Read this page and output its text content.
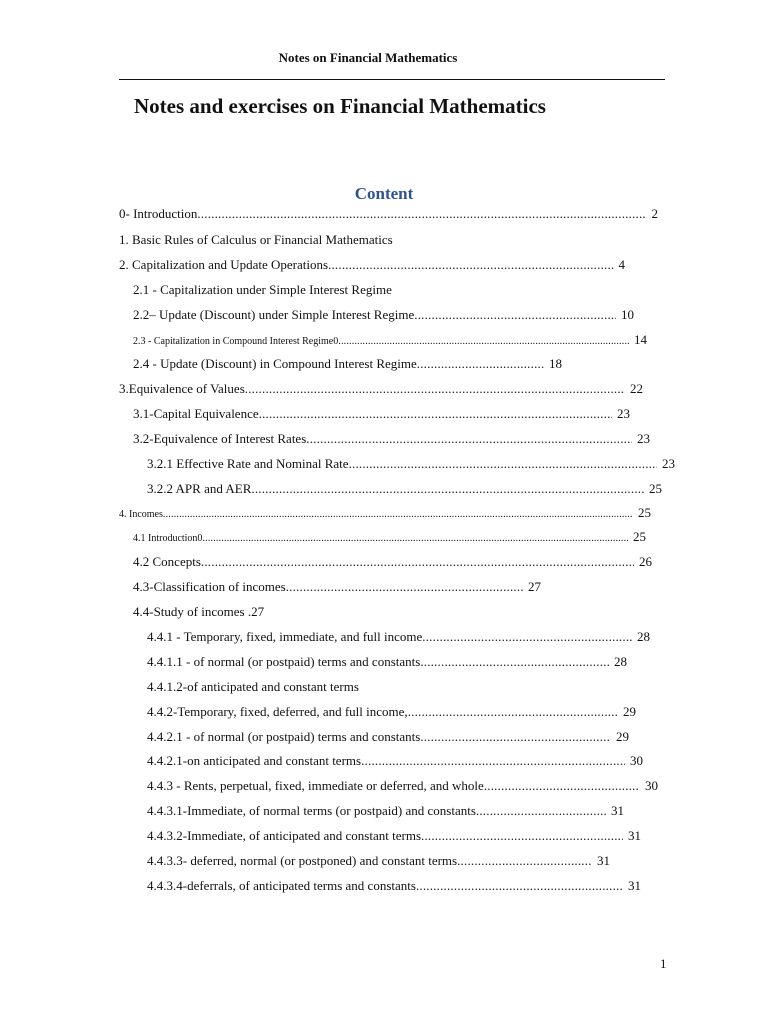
Notes on Financial Mathematics
Notes and exercises on Financial Mathematics
Content
0- Introduction .....	2
1. Basic Rules of Calculus or Financial Mathematics
2. Capitalization and Update Operations .....	4
2.1 - Capitalization under Simple Interest Regime
2.2– Update (Discount) under Simple Interest Regime .....	10
2.3 - Capitalization in Compound Interest Regime0 .....	14
2.4 - Update (Discount) in Compound Interest Regime .....	18
3.Equivalence of Values .....	22
3.1-Capital Equivalence .....	23
3.2-Equivalence of Interest Rates .....	23
3.2.1 Effective Rate and Nominal Rate .....	23
3.2.2 APR and AER .....	25
4. Incomes .....	25
4.1 Introduction0 .....	25
4.2 Concepts .....	26
4.3-Classification of incomes .....	27
4.4-Study of incomes .27
4.4.1 - Temporary, fixed, immediate, and full income .....	28
4.4.1.1 - of normal (or postpaid) terms and constants .....	28
4.4.1.2-of anticipated and constant terms
4.4.2-Temporary, fixed, deferred, and full income, .....	29
4.4.2.1 - of normal (or postpaid) terms and constants .....	29
4.4.2.1-on anticipated and constant terms .....	30
4.4.3 - Rents, perpetual, fixed, immediate or deferred, and whole .....	30
4.4.3.1-Immediate, of normal terms (or postpaid) and constants .....	31
4.4.3.2-Immediate, of anticipated and constant terms .....	31
4.4.3.3- deferred, normal (or postponed) and constant terms .....	31
4.4.3.4-deferrals, of anticipated terms and constants .....	31
1
